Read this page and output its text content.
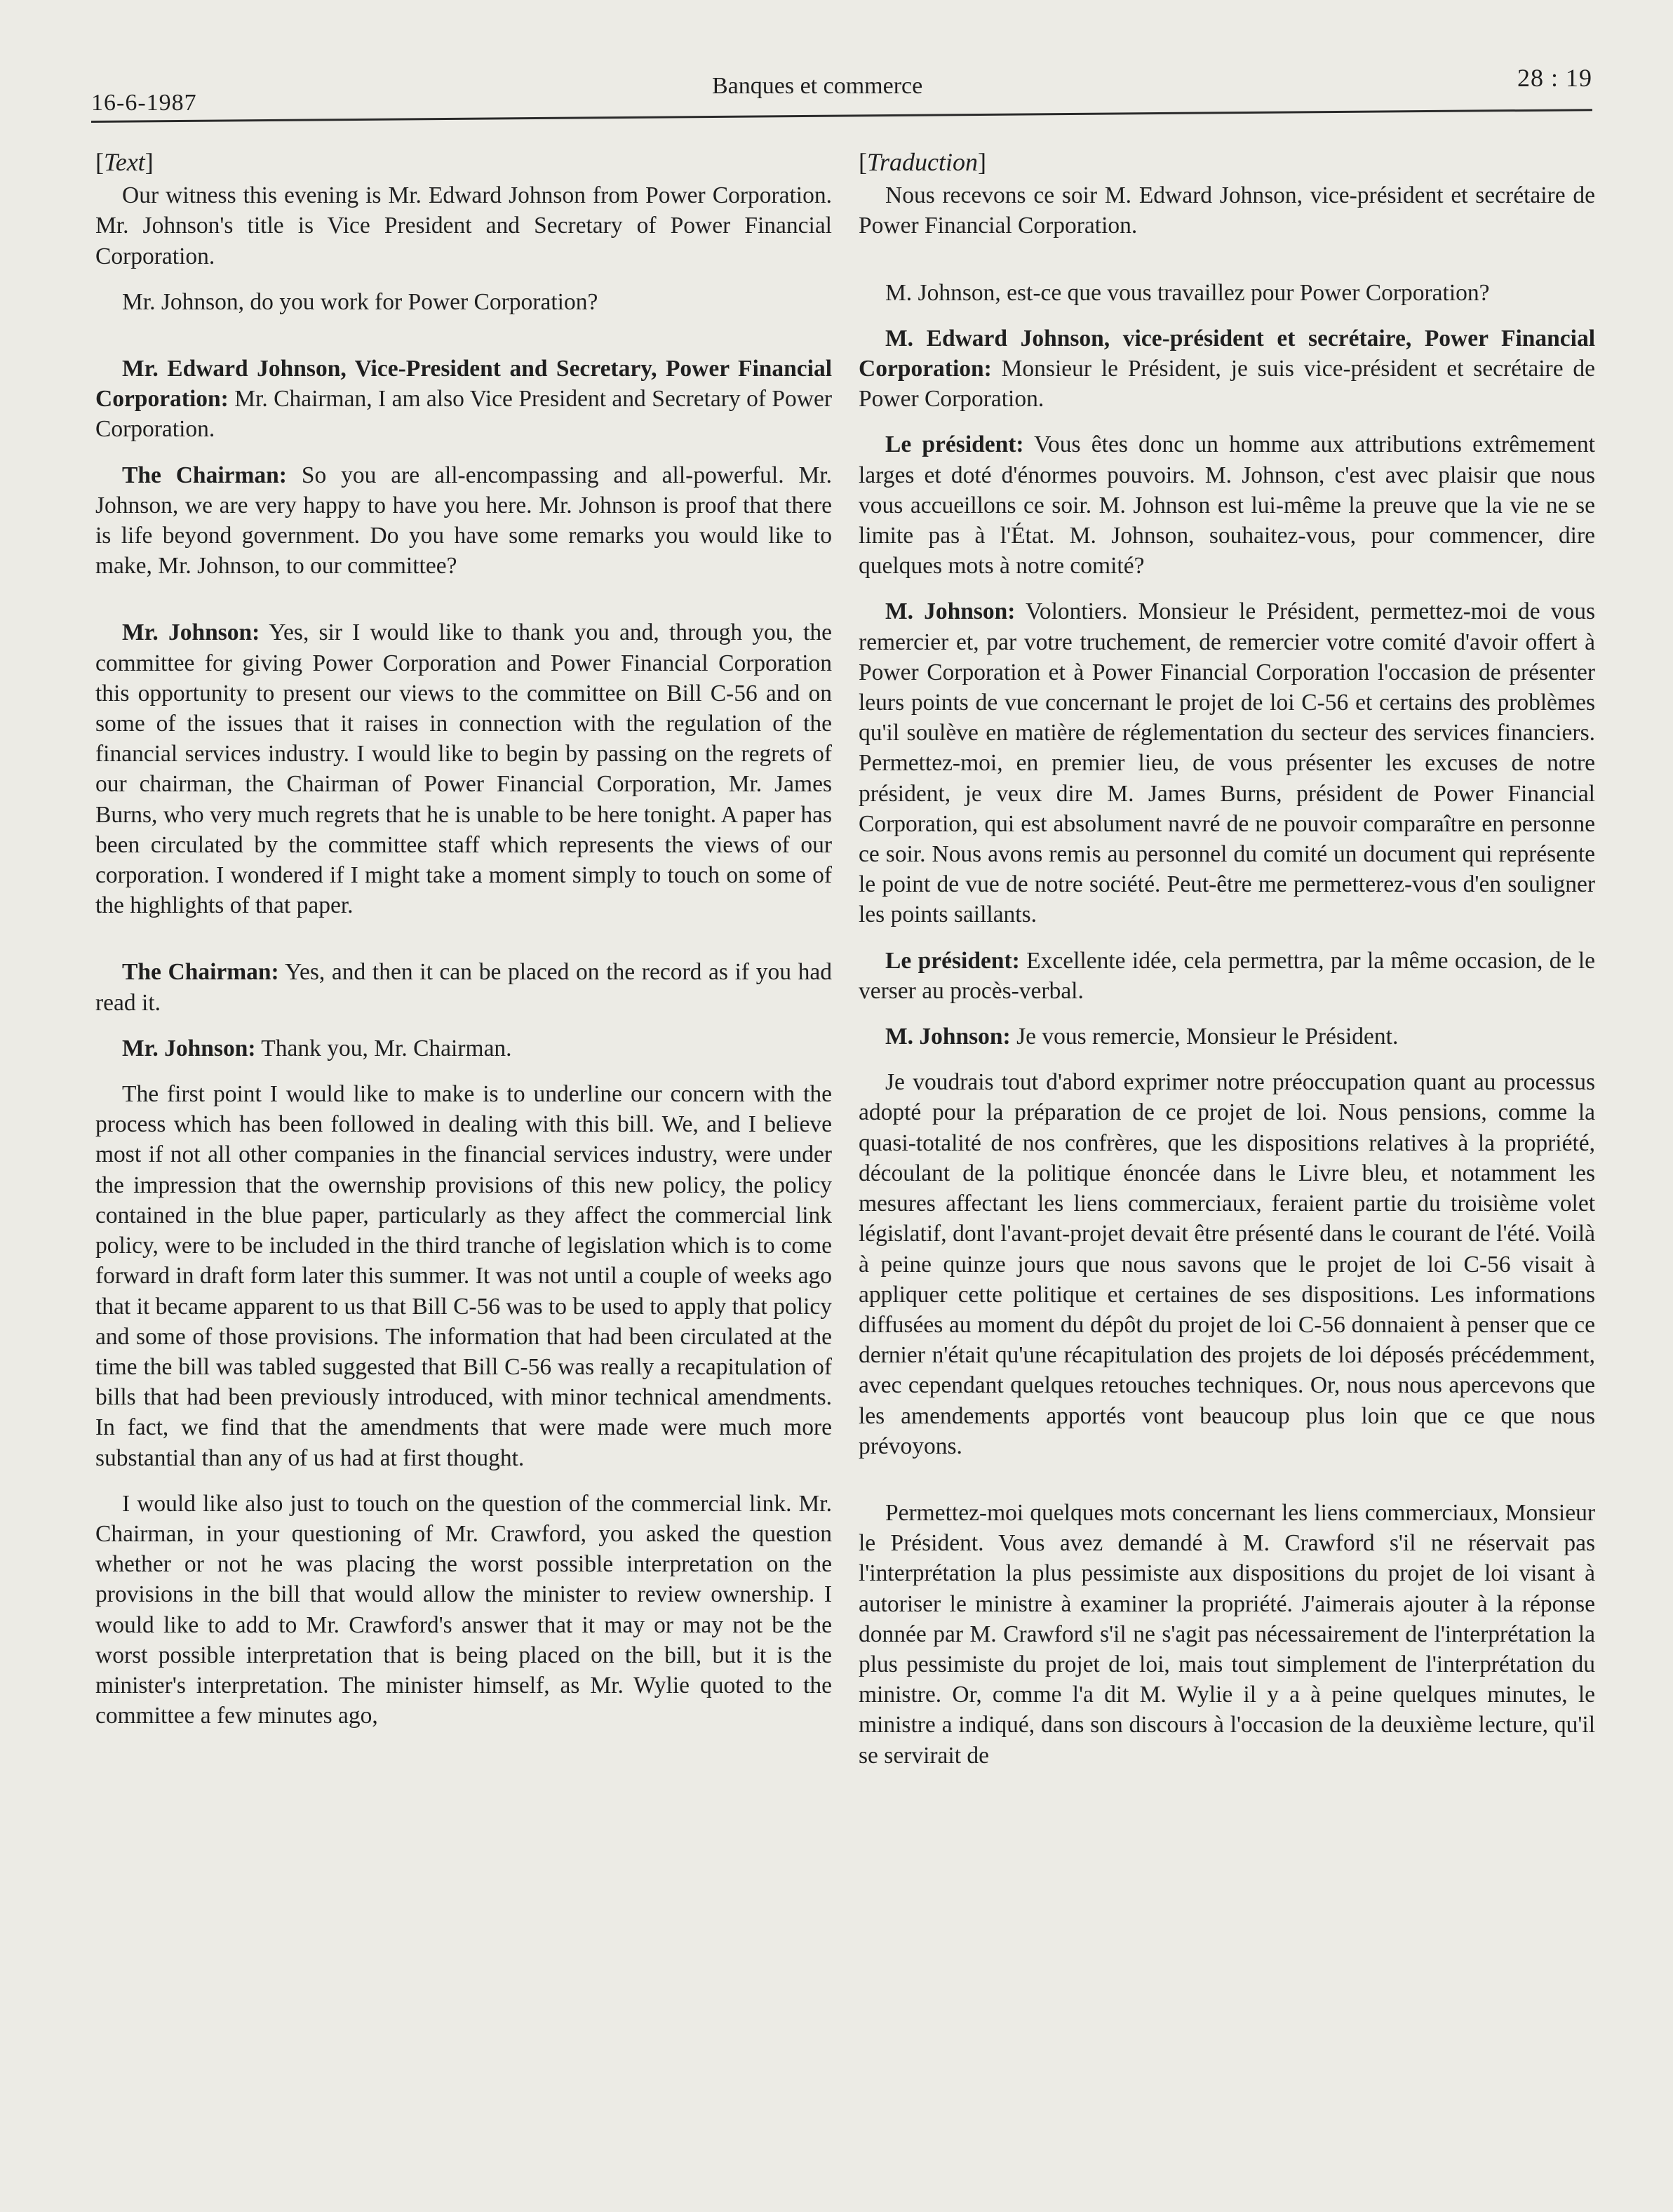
16-6-1987
Banques et commerce	28 : 19
[Text]

Our witness this evening is Mr. Edward Johnson from Power Corporation. Mr. Johnson's title is Vice President and Secretary of Power Financial Corporation.

Mr. Johnson, do you work for Power Corporation?

Mr. Edward Johnson, Vice-President and Secretary, Power Financial Corporation: Mr. Chairman, I am also Vice President and Secretary of Power Corporation.

The Chairman: So you are all-encompassing and all-powerful. Mr. Johnson, we are very happy to have you here. Mr. Johnson is proof that there is life beyond government. Do you have some remarks you would like to make, Mr. Johnson, to our committee?

Mr. Johnson: Yes, sir I would like to thank you and, through you, the committee for giving Power Corporation and Power Financial Corporation this opportunity to present our views to the committee on Bill C-56 and on some of the issues that it raises in connection with the regulation of the financial services industry. I would like to begin by passing on the regrets of our chairman, the Chairman of Power Financial Corporation, Mr. James Burns, who very much regrets that he is unable to be here tonight. A paper has been circulated by the committee staff which represents the views of our corporation. I wondered if I might take a moment simply to touch on some of the highlights of that paper.

The Chairman: Yes, and then it can be placed on the record as if you had read it.

Mr. Johnson: Thank you, Mr. Chairman.

The first point I would like to make is to underline our concern with the process which has been followed in dealing with this bill. We, and I believe most if not all other companies in the financial services industry, were under the impression that the owernship provisions of this new policy, the policy contained in the blue paper, particularly as they affect the commercial link policy, were to be included in the third tranche of legislation which is to come forward in draft form later this summer. It was not until a couple of weeks ago that it became apparent to us that Bill C-56 was to be used to apply that policy and some of those provisions. The information that had been circulated at the time the bill was tabled suggested that Bill C-56 was really a recapitulation of bills that had been previously introduced, with minor technical amendments. In fact, we find that the amendments that were made were much more substantial than any of us had at first thought.

I would like also just to touch on the question of the commercial link. Mr. Chairman, in your questioning of Mr. Crawford, you asked the question whether or not he was placing the worst possible interpretation on the provisions in the bill that would allow the minister to review ownership. I would like to add to Mr. Crawford's answer that it may or may not be the worst possible interpretation that is being placed on the bill, but it is the minister's interpretation. The minister himself, as Mr. Wylie quoted to the committee a few minutes ago,

[Traduction]

Nous recevons ce soir M. Edward Johnson, vice-président et secrétaire de Power Financial Corporation.

M. Johnson, est-ce que vous travaillez pour Power Corporation?

M. Edward Johnson, vice-président et secrétaire, Power Financial Corporation: Monsieur le Président, je suis vice-président et secrétaire de Power Corporation.

Le président: Vous êtes donc un homme aux attributions extrêmement larges et doté d'énormes pouvoirs. M. Johnson, c'est avec plaisir que nous vous accueillons ce soir. M. Johnson est lui-même la preuve que la vie ne se limite pas à l'État. M. Johnson, souhaitez-vous, pour commencer, dire quelques mots à notre comité?

M. Johnson: Volontiers. Monsieur le Président, permettez-moi de vous remercier et, par votre truchement, de remercier votre comité d'avoir offert à Power Corporation et à Power Financial Corporation l'occasion de présenter leurs points de vue concernant le projet de loi C-56 et certains des problèmes qu'il soulève en matière de réglementation du secteur des services financiers. Permettez-moi, en premier lieu, de vous présenter les excuses de notre président, je veux dire M. James Burns, président de Power Financial Corporation, qui est absolument navré de ne pouvoir comparaître en personne ce soir. Nous avons remis au personnel du comité un document qui représente le point de vue de notre société. Peut-être me permetterez-vous d'en souligner les points saillants.

Le président: Excellente idée, cela permettra, par la même occasion, de le verser au procès-verbal.

M. Johnson: Je vous remercie, Monsieur le Président.

Je voudrais tout d'abord exprimer notre préoccupation quant au processus adopté pour la préparation de ce projet de loi. Nous pensions, comme la quasi-totalité de nos confrères, que les dispositions relatives à la propriété, découlant de la politique énoncée dans le Livre bleu, et notamment les mesures affectant les liens commerciaux, feraient partie du troisième volet législatif, dont l'avant-projet devait être présenté dans le courant de l'été. Voilà à peine quinze jours que nous savons que le projet de loi C-56 visait à appliquer cette politique et certaines de ses dispositions. Les informations diffusées au moment du dépôt du projet de loi C-56 donnaient à penser que ce dernier n'était qu'une récapitulation des projets de loi déposés précédemment, avec cependant quelques retouches techniques. Or, nous nous apercevons que les amendements apportés vont beaucoup plus loin que ce que nous prévoyons.

Permettez-moi quelques mots concernant les liens commerciaux, Monsieur le Président. Vous avez demandé à M. Crawford s'il ne réservait pas l'interprétation la plus pessimiste aux dispositions du projet de loi visant à autoriser le ministre à examiner la propriété. J'aimerais ajouter à la réponse donnée par M. Crawford s'il ne s'agit pas nécessairement de l'interprétation la plus pessimiste du projet de loi, mais tout simplement de l'interprétation du ministre. Or, comme l'a dit M. Wylie il y a à peine quelques minutes, le ministre a indiqué, dans son discours à l'occasion de la deuxième lecture, qu'il se servirait de
